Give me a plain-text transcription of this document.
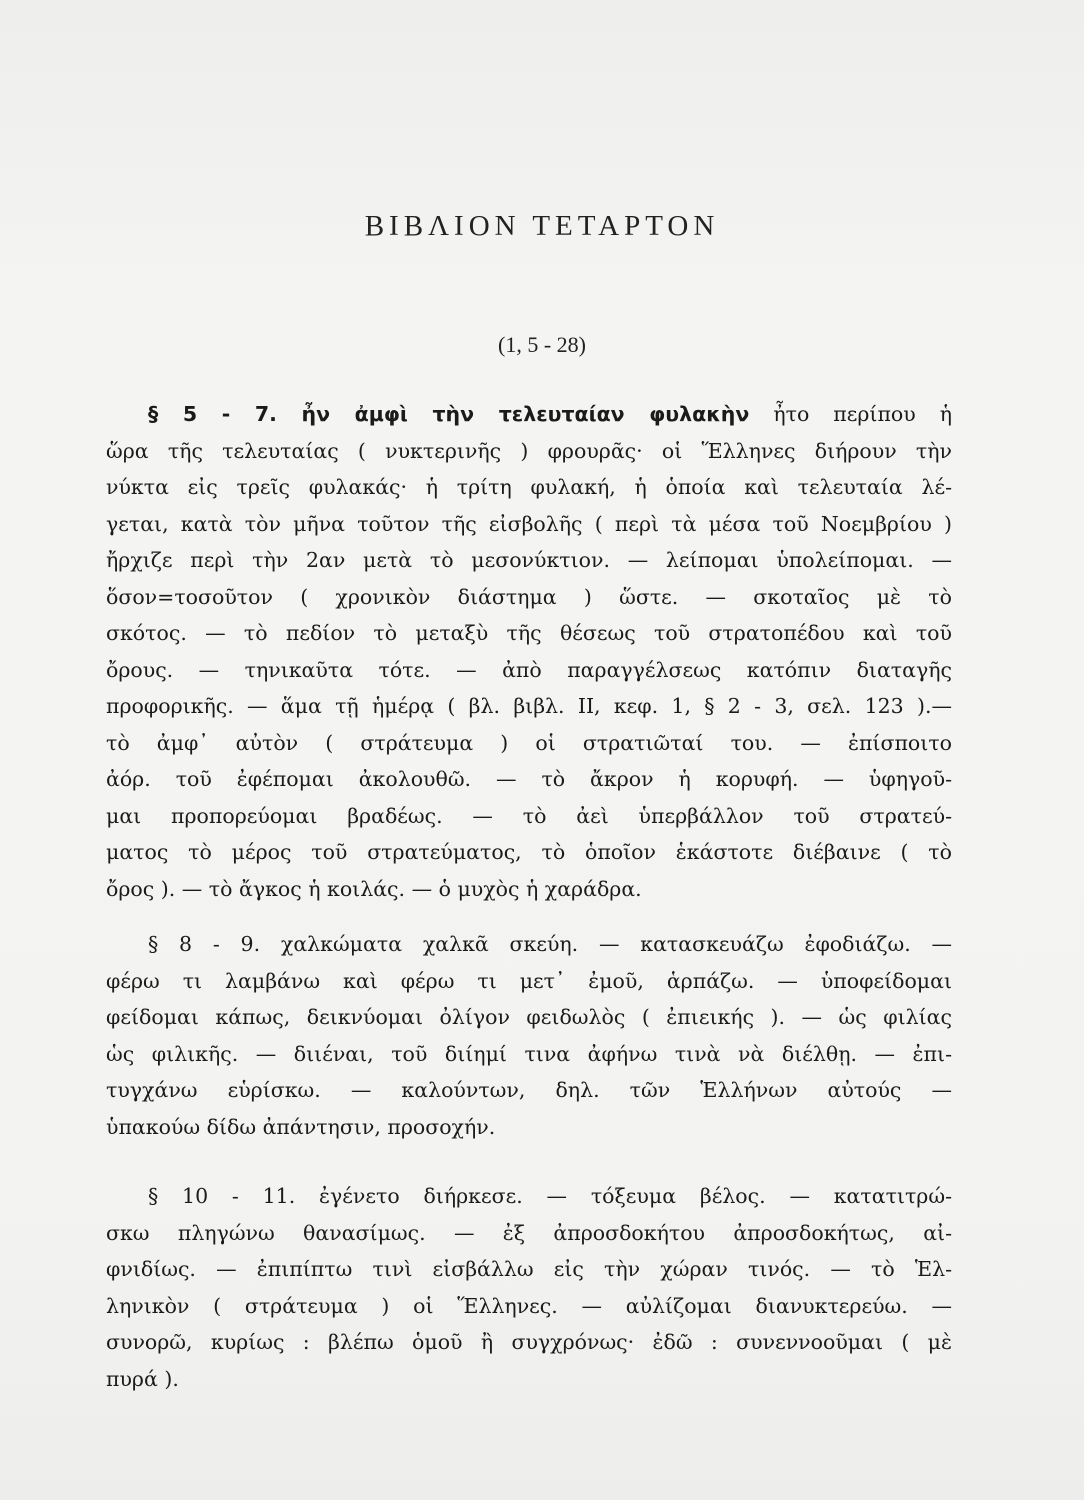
ΒΙΒΛΙΟΝ ΤΕΤΑΡΤΟΝ
(1, 5 - 28)
§ 5 - 7. ἦν ἀμφὶ τὴν τελευταίαν φυλακὴν ἦτο περίπου ἡ
ὥρα τῆς τελευταίας ( νυκτερινῆς ) φρουρᾶς· οἱ Ἕλληνες διήρουν τὴν
νύκτα εἰς τρεῖς φυλακάς· ἡ τρίτη φυλακή, ἡ ὁποία καὶ τελευταία λέ-
γεται, κατὰ τὸν μῆνα τοῦτον τῆς εἰσβολῆς ( περὶ τὰ μέσα τοῦ Νοεμβρίου )
ἤρχιζε περὶ τὴν 2αν μετὰ τὸ μεσονύκτιον. — λείπομαι ὑπολείπομαι. —
ὅσον=τοσοῦτον ( χρονικὸν διάστημα ) ὥστε. — σκοταῖος μὲ τὸ
σκότος. — τὸ πεδίον τὸ μεταξὺ τῆς θέσεως τοῦ στρατοπέδου καὶ τοῦ
ὄρους. — τηνικαῦτα τότε. — ἀπὸ παραγγέλσεως κατόπιν διαταγῆς
προφορικῆς. — ἅμα τῇ ἡμέρᾳ ( βλ. βιβλ. II, κεφ. 1, § 2 - 3, σελ. 123 ).—
τὸ ἀμφ᾽ αὐτὸν ( στράτευμα ) οἱ στρατιῶταί του. — ἐπίσποιτο
ἀόρ. τοῦ ἐφέπομαι ἀκολουθῶ. — τὸ ἄκρον ἡ κορυφή. — ὑφηγοῦ-
μαι προπορεύομαι βραδέως. — τὸ ἀεὶ ὑπερβάλλον τοῦ στρατεύ-
ματος τὸ μέρος τοῦ στρατεύματος, τὸ ὁποῖον ἑκάστοτε διέβαινε ( τὸ
ὄρος ). — τὸ ἄγκος ἡ κοιλάς. — ὁ μυχὸς ἡ χαράδρα.
§ 8 - 9. χαλκώματα χαλκᾶ σκεύη. — κατασκευάζω ἐφοδιάζω. —
φέρω τι λαμβάνω καὶ φέρω τι μετ᾽ ἐμοῦ, ἁρπάζω. — ὑποφείδομαι
φείδομαι κάπως, δεικνύομαι ὀλίγον φειδωλὸς ( ἐπιεικής ). — ὡς φιλίας
ὡς φιλικῆς. — διιέναι, τοῦ διίημί τινα ἀφήνω τινὰ νὰ διέλθῃ. — ἐπι-
τυγχάνω εὑρίσκω. — καλούντων, δηλ. τῶν Ἑλλήνων αὐτούς —
ὑπακούω δίδω ἀπάντησιν, προσοχήν.
§ 10 - 11. ἐγένετο διήρκεσε. — τόξευμα βέλος. — κατατιτρώ-
σκω πληγώνω θανασίμως. — ἐξ ἀπροσδοκήτου ἀπροσδοκήτως, αἰ-
φνιδίως. — ἐπιπίπτω τινὶ εἰσβάλλω εἰς τὴν χώραν τινός. — τὸ Ἑλ-
ληνικὸν ( στράτευμα ) οἱ Ἕλληνες. — αὐλίζομαι διανυκτερεύω. —
συνορῶ, κυρίως : βλέπω ὁμοῦ ἢ συγχρόνως· ἐδῶ : συνεννοοῦμαι ( μὲ
πυρά ).
